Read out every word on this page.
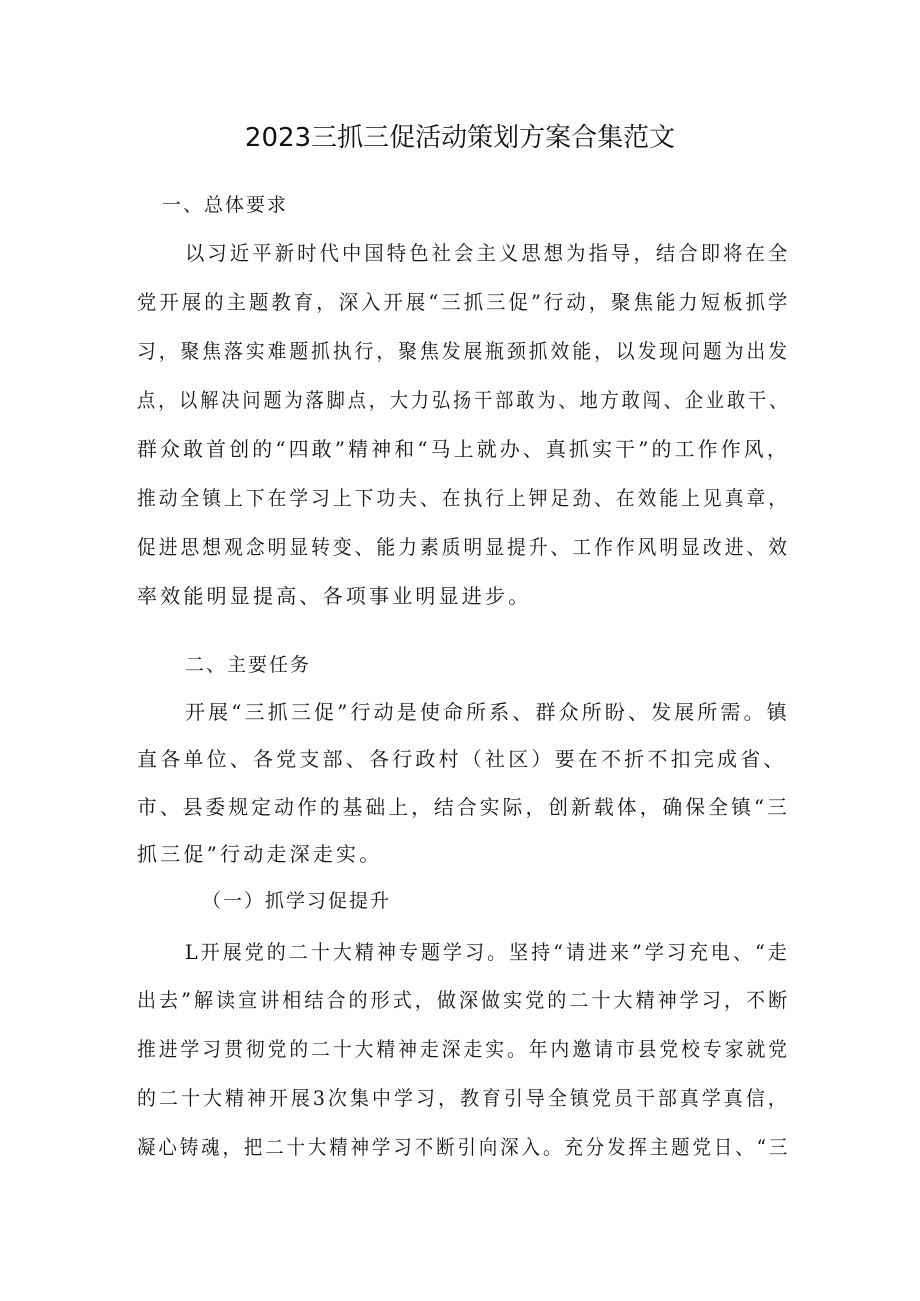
2023三抓三促活动策划方案合集范文
一、总体要求
以习近平新时代中国特色社会主义思想为指导，结合即将在全
党开展的主题教育，深入开展“三抓三促”行动，聚焦能力短板抓学
习，聚焦落实难题抓执行，聚焦发展瓶颈抓效能，以发现问题为出发
点，以解决问题为落脚点，大力弘扬干部敢为、地方敢闯、企业敢干、
群众敢首创的“四敢”精神和“马上就办、真抓实干”的工作作风，
推动全镇上下在学习上下功夫、在执行上钾足劲、在效能上见真章，
促进思想观念明显转变、能力素质明显提升、工作作风明显改进、效
率效能明显提高、各项事业明显进步。
二、主要任务
开展“三抓三促”行动是使命所系、群众所盼、发展所需。镇
直各单位、各党支部、各行政村（社区）要在不折不扣完成省、
市、县委规定动作的基础上，结合实际，创新载体，确保全镇“三
抓三促”行动走深走实。
（一）抓学习促提升
L开展党的二十大精神专题学习。坚持“请进来”学习充电、“走
出去”解读宣讲相结合的形式，做深做实党的二十大精神学习，不断
推进学习贯彻党的二十大精神走深走实。年内邀请市县党校专家就党
的二十大精神开展3次集中学习，教育引导全镇党员干部真学真信，
凝心铸魂，把二十大精神学习不断引向深入。充分发挥主题党日、“三
